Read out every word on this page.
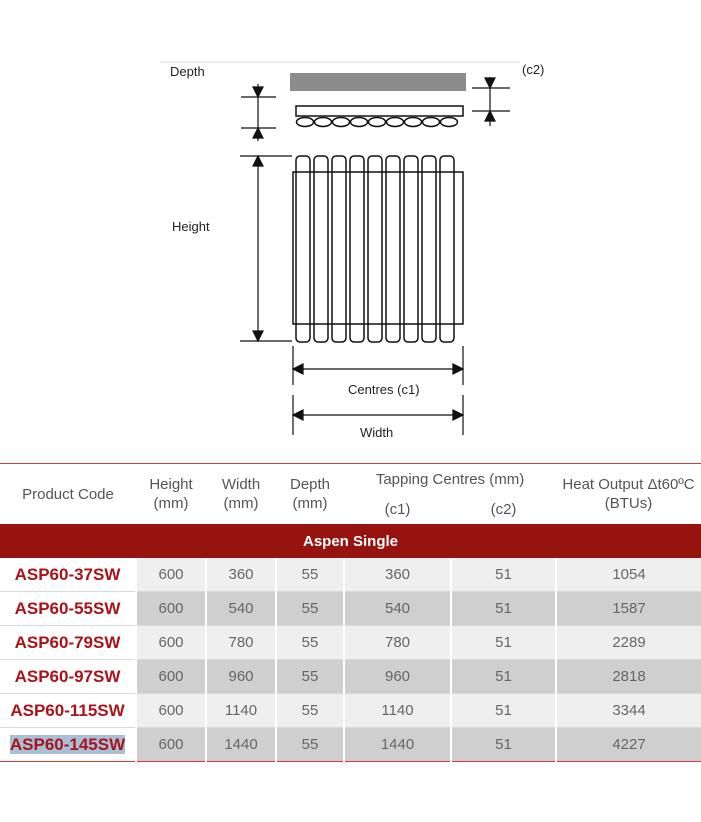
Depth	(c2)
Height
Centres (c1)
Width
Product Code	Height (mm)	Width (mm)	Depth (mm)	Tapping Centres (mm)		Heat Output Δt60ºC (BTUs)
				(c1)	(c2)	
Aspen Single						
ASP60-37SW	600	360	55	360	51	1054
ASP60-55SW	600	540	55	540	51	1587
ASP60-79SW	600	780	55	780	51	2289
ASP60-97SW	600	960	55	960	51	2818
ASP60-115SW	600	1140	55	1140	51	3344
ASP60-145SW	600	1440	55	1440	51	4227
